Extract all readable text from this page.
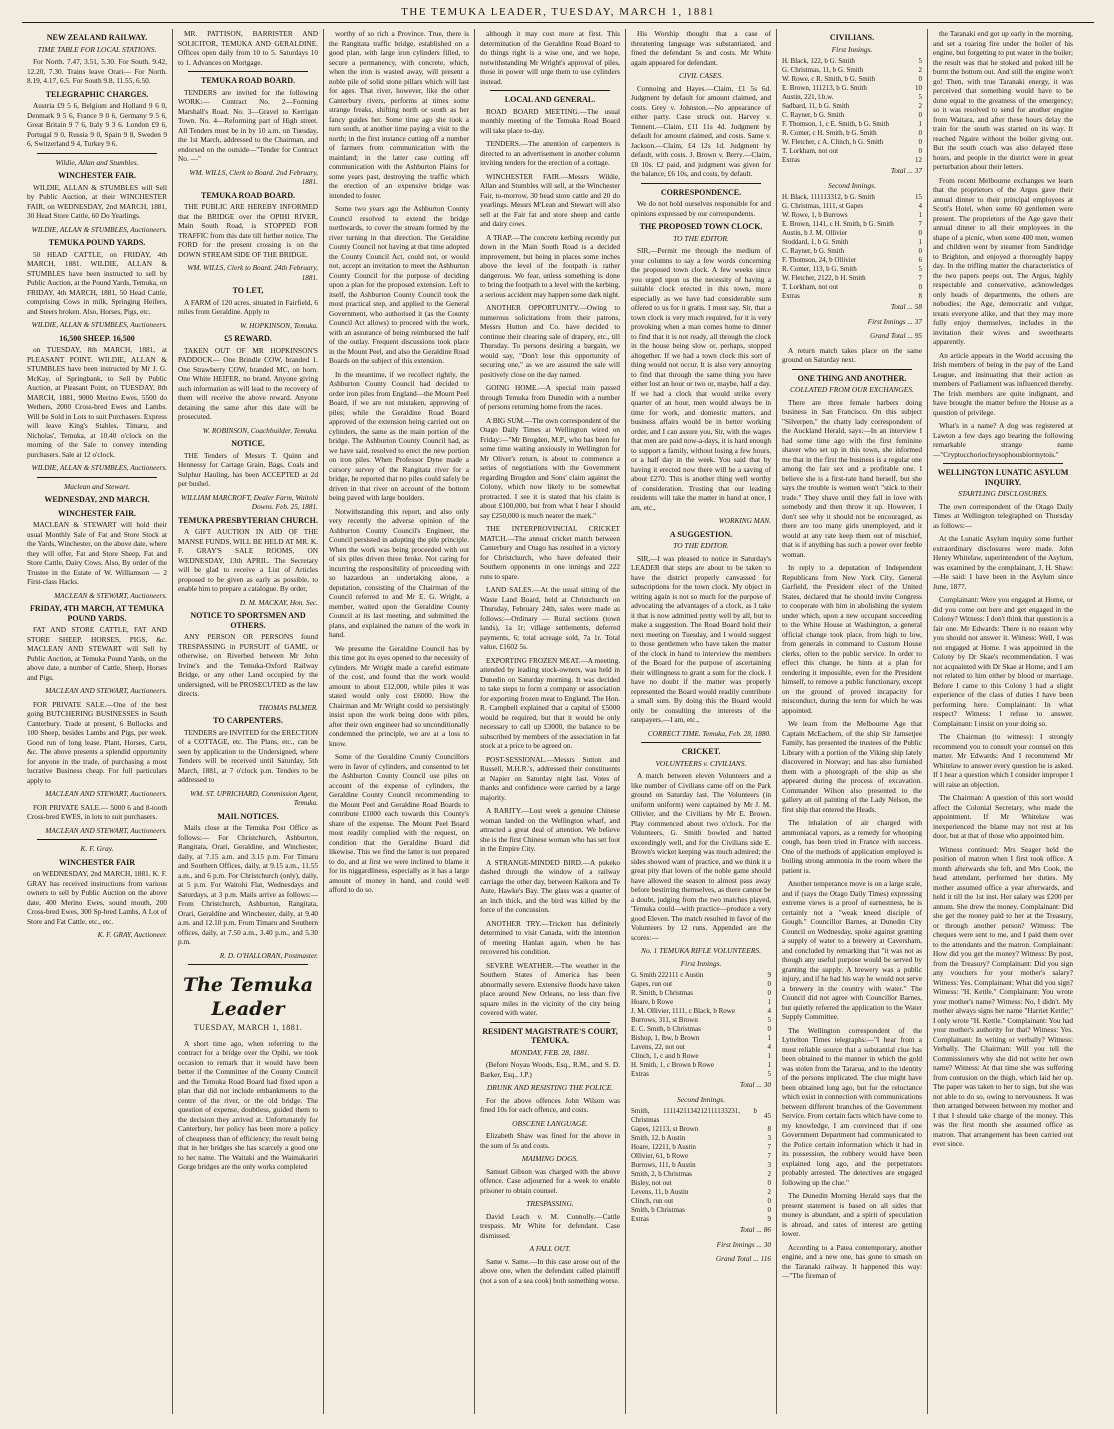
THE TEMUKA LEADER, TUESDAY, MARCH 1, 1881
NEW ZEALAND RAILWAY.
TIME TABLE FOR LOCAL STATIONS.

For North. 7.47, 3.51, 5.30. For South. 9.42, 12.20, 7.30. Trains leave Orari— For North. 8.19, 4.17, 6.5. For South 9.8, 11.55, 6.50.

TELEGRAPHIC CHARGES.

Austria £9 5 6, Belgium and Holland 9 6 0, Denmark 9 5 6, France 9 0 6, Germany 9 5 6, Great Britain 9 7 6, Italy 9 3 6. London £9 6, Portugal 9 0, Russia 9 0, Spain 9 8, Sweden 9 6, Switzerland 9 4, Turkey 9 6.

Wildie, Allan and Stumbles.
WINCHESTER FAIR.

WILDIE, ALLAN & STUMBLES will Sell by Public Auction, at their WINCHESTER FAIR, on WEDNESDAY, 2nd MARCH, 1881, 30 Head Store Cattle, 60 Do Yearlings.

WILDIE, ALLAN & STUMBLES, Auctioneers.

TEMUKA POUND YARDS.

50 HEAD CATTLE, on FRIDAY, 4th MARCH, 1881. WILDIE, ALLAN & STUMBLES have been instructed to sell by Public Auction, at the Pound Yards, Temuka, on FRIDAY, 4th MARCH, 1881, 50 Head Cattle, comprising Cows in milk, Springing Heifers, and Steers broken. Also, Horses, Pigs, etc.

WILDIE, ALLAN & STUMBLES, Auctioneers.

16,500 SHEEP. 16,500

on TUESDAY, 8th MARCH, 1881, at PLEASANT POINT. WILDIE, ALLAN & STUMBLES have been instructed by Mr J. G. McKay, of Springbank, to Sell by Public Auction, at Pleasant Point, on TUESDAY, 8th MARCH, 1881, 9000 Merino Ewes, 5500 do Wethers, 2000 Cross-bred Ewes and Lambs. Will be Sold in Lots to suit Purchasers. Express will leave King's Stables, Timaru, and Nicholas', Temuka, at 10.40 o'clock on the morning of the Sale to convey intending purchasers. Sale at 12 o'clock.

WILDIE, ALLAN & STUMBLES, Auctioneers.

Maclean and Stewart.
WEDNESDAY, 2ND MARCH.
WINCHESTER FAIR.

MACLEAN & STEWART will hold their usual Monthly Sale of Fat and Store Stock at the Yards, Winchester, on the above date, where they will offer, Fat and Store Sheep, Fat and Store Cattle, Dairy Cows. Also, By order of the Trustee in the Estate of W. Williamson — 2 First-class Hacks.

MACLEAN & STEWART, Auctioneers.

FRIDAY, 4TH MARCH, AT TEMUKA POUND YARDS.

FAT AND STORE CATTLE, FAT AND STORE SHEEP, HORSES, PIGS, &c. MACLEAN AND STEWART will Sell by Public Auction, at Temuka Pound Yards, on the above date, a number of Cattle, Sheep, Horses and Pigs.

MACLEAN AND STEWART, Auctioneers.

FOR PRIVATE SALE.—One of the best going BUTCHERING BUSINESSES in South Canterbury. Trade at present, 6 Bullocks and 100 Sheep, besides Lambs and Pigs, per week. Good run of long lease. Plant, Horses, Carts, &c. The above presents a splendid opportunity for anyone in the trade, of purchasing a most lucrative Business cheap. For full particulars apply to

MACLEAN AND STEWART, Auctioneers.

FOR PRIVATE SALE.— 5000 6 and 8-tooth Cross-bred EWES, in lots to suit purchasers.

MACLEAN AND STEWART, Auctioneers.

K. F. Gray.
WINCHESTER FAIR

on WEDNESDAY, 2nd MARCH, 1881. K. F. GRAY has received instructions from various owners to sell by Public Auction on the above date, 400 Merino Ewes, sound mouth, 200 Cross-bred Ewes, 300 Sp-bred Lambs, A Lot of Store and Fat Cattle, etc., etc.

K. F. GRAY, Auctioneer.

MR. PATTISON, BARRISTER AND SOLICITOR, TEMUKA AND GERALDINE. Offices open daily from 10 to 5. Saturdays 10 to 1. Advances on Mortgage.

TEMUKA ROAD BOARD.

TENDERS are invited for the following WORK:— Contract No. 2—Forming Marshall's Road. No. 3—Gravel to Kerrigan Town. No. 4—Reforming part of High street. All Tenders must be in by 10 a.m. on Tuesday, the 1st March, addressed to the Chairman, and endorsed on the outside—"Tender for Contract No. —"

WM. WILLS, Clerk to Board. 2nd February, 1881.

TEMUKA ROAD BOARD.

THE PUBLIC ARE HEREBY INFORMED that the BRIDGE over the OPIHI RIVER, Main South Road, is STOPPED FOR TRAFFIC from this date till further notice. The FORD for the present crossing is on the DOWN STREAM SIDE OF THE BRIDGE.

WM. WILLS, Clerk to Board. 24th February, 1881.

TO LET,

A FARM of 120 acres, situated in Fairfield, 6 miles from Geraldine. Apply to

W. HOPKINSON, Temuka.

£5 REWARD.

TAKEN OUT OF MR HOPKINSON'S PADDOCK— One Brindle COW, branded 1. One Strawberry COW, branded MC, on horn. One White HEIFER, no brand. Anyone giving such information as will lead to the recovery of them will receive the above reward. Anyone detaining the same after this date will be prosecuted.

W. ROBINSON, Coachbuilder, Temuka.

NOTICE.

THE Tenders of Messrs T. Quinn and Hennessy for Cartage Grain, Bags, Coals and Sulphur Hauling, has been ACCEPTED at 2d per bushel.

WILLIAM MARCROFT, Dealer Farm, Waitohi Downs. Feb. 25, 1881.

TEMUKA PRESBYTERIAN CHURCH.

A GIFT AUCTION IN AID OF THE MANSE FUNDS, WILL BE HELD AT MR. K. F. GRAY'S SALE ROOMS, ON WEDNESDAY, 13th APRIL. The Secretary will be glad to receive a List of Articles proposed to be given as early as possible, to enable him to prepare a catalogue. By order,

D. M. MACKAY, Hon. Sec.

NOTICE TO SPORTSMEN AND OTHERS.

ANY PERSON OR PERSONS found TRESPASSING in PURSUIT of GAME, or otherwise, on Riverbed between Mr John Irvine's and the Temuka-Oxford Railway Bridge, or any other Land occupied by the undersigned, will be PROSECUTED as the law directs.

THOMAS PALMER.

TO CARPENTERS.

TENDERS are INVITED for the ERECTION of a COTTAGE, etc. The Plans, etc., can be seen by application to the Undersigned, where Tenders will be received until Saturday, 5th March, 1881, at 7 o'clock p.m. Tenders to be addressed to

WM. ST. UPRICHARD, Commission Agent, Temuka.

MAIL NOTICES.

Mails close at the Temuka Post Office as follows:— For Christchurch, Ashburton, Rangitata, Orari, Geraldine, and Winchester, daily, at 7.15 a.m. and 3.15 p.m. For Timaru and Southern Offices, daily, at 9.15 a.m., 11.55 a.m., and 6 p.m. For Christchurch (only), daily, at 5 p.m. For Waitohi Flat, Wednesdays and Saturdays, at 3 p.m. Mails arrive as follows:— From Christchurch, Ashburton, Rangitata, Orari, Geraldine and Winchester, daily, at 9.40 a.m. and 12.10 p.m. From Timaru and Southern offices, daily, at 7.50 a.m., 3.40 p.m., and 5.30 p.m.

R. D. O'HALLORAN, Postmaster.

The Temuka Leader
TUESDAY, MARCH 1, 1881.

A short time ago, when referring to the contract for a bridge over the Opihi, we took occasion to remark that it would have been better if the Committee of the County Council and the Temuka Road Board had fixed upon a plan that did not include embankments to the centre of the river, or the old bridge. The question of expense, doubtless, guided them to the decision they arrived at. Unfortunately for Canterbury, her policy has been more a policy of cheapness than of efficiency; the result being that in her bridges she has scarcely a good one to her name. The Waitaki and the Waimakariri Gorge bridges are the only works completed

worthy of so rich a Province. True, there is the Rangitata traffic bridge, established on a good plan, with large iron cylinders filled, to secure a permanency, with concrete, which, when the iron is wasted away, will present a noble pile of solid stone pillars which will last for ages. That river, however, like the other Canterbury rivers, performs at times some strange freaks, shifting north or south as her fancy guides her. Some time ago she took a turn south, at another time paying a visit to the north; in the first instance cutting off a number of farmers from communication with the mainland; in the latter case cutting off communication with the Ashburton Plains for some years past, destroying the traffic which the erection of an expensive bridge was intended to foster.

Some two years ago the Ashburton County Council resolved to extend the bridge northwards, to cover the stream formed by the river turning in that direction. The Geraldine County Council not having at that time adopted the County Council Act, could not, or would not, accept an invitation to meet the Ashburton County Council for the purpose of deciding upon a plan for the proposed extension. Left to itself, the Ashburton County Council took the most practical step, and applied to the General Government, who authorised it (as the County Council Act allows) to proceed with the work, with an assurance of being reimbursed the half of the outlay. Frequent discussions took place in the Mount Peel, and also the Geraldine Road Boards on the subject of this extension.

In the meantime, if we recollect rightly, the Ashburton County Council had decided to order iron piles from England—the Mount Peel Board, if we are not mistaken, approving of piles; while the Geraldine Road Board approved of the extension being carried out on cylinders, the same as the main portion of the bridge. The Ashburton County Council had, as we have said, resolved to erect the new portion on iron piles. When Professor Dyne made a cursory survey of the Rangitata river for a bridge, he reported that no piles could safely be driven in that river on account of the bottom being paved with large boulders.

Notwithstanding this report, and also only very recently the adverse opinion of the Ashburton County Council's Engineer, the Council persisted in adopting the pile principle. When the work was being proceeded with out of six piles driven three broke. Not caring for incurring the responsibility of proceeding with so hazardous an undertaking alone, a deputation, consisting of the Chairman of the Council referred to and Mr E. G. Wright, a member, waited upon the Geraldine County Council at its last meeting, and submitted the plans, and explained the nature of the work in hand.

We presume the Geraldine Council has by this time got its eyes opened to the necessity of cylinders. Mr Wright made a careful estimate of the cost, and found that the work would amount to about £12,000, while piles it was stated would only cost £6000. How the Chairman and Mr Wright could so persistingly insist upon the work being done with piles, after their own engineer had so unconditionally condemned the principle, we are at a loss to know.

Some of the Geraldine County Councillors were in favor of cylinders, and consented to let the Ashburton County Council use piles on account of the expense of cylinders, the Geraldine County Council recommending to the Mount Peel and Geraldine Road Boards to contribute £1000 each towards this County's share of the expense. The Mount Peel Board most readily complied with the request, on condition that the Geraldine Board did likewise. This we find the latter is not prepared to do, and at first we were inclined to blame it for its niggardliness, especially as it has a large amount of money in hand, and could well afford to do so.

although it may cost more at first. This determination of the Geraldine Road Board to do things right is a wise one, and we hope, notwithstanding Mr Wright's approval of piles, those in power will urge them to use cylinders instead.

LOCAL AND GENERAL.

ROAD BOARD MEETING.—The usual monthly meeting of the Temuka Road Board will take place to-day.

TENDERS.—The attention of carpenters is directed to an advertisement in another column inviting tenders for the erection of a cottage.

WINCHESTER FAIR.—Messrs Wildie, Allan and Stumbles will sell, at the Winchester Fair, to-morrow, 30 head store cattle and 20 do yearlings. Messrs M'Lean and Stewart will also sell at the Fair fat and store sheep and cattle and dairy cows.

A TRAP.—The concrete kerbing recently put down in the Main South Road is a decided improvement, but being in places some inches above the level of the footpath is rather dangerous. We fear, unless something is done to bring the footpath to a level with the kerbing, a serious accident may happen some dark night.

ANOTHER OPPORTUNITY.—Owing to numerous solicitations from their patrons, Messrs Hutton and Co. have decided to continue their clearing sale of drapery, etc., till Thursday. To persons desiring a bargain, we would say, "Don't lose this opportunity of securing one," as we are assured the sale will positively close on the day named.

GOING HOME.—A special train passed through Temuka from Dunedin with a number of persons returning home from the races.

A BIG SUM.—The own correspondent of the Otago Daily Times at Wellington wired on Friday:—"Mr Brogden, M.P., who has been for some time waiting anxiously in Wellington for Mr Oliver's return, is about to commence a series of negotiations with the Government regarding Brogden and Sons' claim against the Colony, which now likely to be somewhat protracted. I see it is stated that his claim is about £100,000, but from what I hear I should say £250,000 is much nearer the mark."

THE INTERPROVINCIAL CRICKET MATCH.—The annual cricket match between Canterbury and Otago has resulted in a victory for Christchurch, who have defeated their Southern opponents in one innings and 222 runs to spare.

LAND SALES.—At the usual sitting of the Waste Land Board, held at Christchurch on Thursday, February 24th, sales were made as follows:—Ordinary — Rural sections (town lands), 1a 1r; village settlements, deferred payments, 6; total acreage sold, 7a 1r. Total value, £1602 5s.

EXPORTING FROZEN MEAT.—A meeting, attended by leading stock-owners, was held in Dunedin on Saturday morning. It was decided to take steps to form a company or association for exporting frozen meat to England. The Hon. R. Campbell explained that a capital of £5000 would be required, but that it would be only necessary to call up £3000, the balance to be subscribed by members of the association in fat stock at a price to be agreed on.

POST-SESSIONAL.—Messrs Sutton and Russell, M.H.R.'s, addressed their constituents at Napier on Saturday night last. Votes of thanks and confidence were carried by a large majority.

A RARITY.—Lost week a genuine Chinese woman landed on the Wellington wharf, and attracted a great deal of attention. We believe she is the first Chinese woman who has set foot in the Empire City.

A STRANGE-MINDED BIRD.—A pukeko dashed through the window of a railway carriage the other day, between Kaikora and Te Aute, Hawke's Bay. The glass was a quarter of an inch thick, and the bird was killed by the force of the concussion.

ANOTHER TRY.—Trickett has definitely determined to visit Canada, with the intention of meeting Hanlan again, when he has recovered his condition.

SEVERE WEATHER.—The weather in the Southern States of America has been abnormally severe. Extensive floods have taken place around New Orleans, no less than five square miles in the vicinity of the city being covered with water.

RESIDENT MAGISTRATE'S COURT, TEMUKA.
MONDAY, FEB. 28, 1881.

(Before Noyau Woods, Esq., R.M., and S. D. Barker, Esq., J.P.)

DRUNK AND RESISTING THE POLICE.

For the above offences John Wilson was fined 10s for each offence, and costs.

OBSCENE LANGUAGE.

Elizabeth Shaw was fined for the above in the sum of 5s and costs.

MAIMING DOGS.

Samuel Gibson was charged with the above offence. Case adjourned for a week to enable prisoner to obtain counsel.

TRESPASSING.

David Leach v. M. Connolly.—Cattle trespass. Mr White for defendant. Case dismissed.

A FALL OUT.

Same v. Same.—In this case arose out of the above one, when the defendant called plaintiff (not a son of a sea cook) both something worse.

His Worship thought that a case of threatening language was substantiated, and fined the defendant 5s and costs. Mr White again appeared for defendant.

CIVIL CASES.

Connoing and Hayes.—Claim, £1 5s 6d. Judgment by default for amount claimed, and costs. Grey v. Johnston.—No appearance of either party. Case struck out. Harvey v. Tennent.—Claim, £11 11s 4d. Judgment by default for amount claimed, and costs. Same v. Jackson.—Claim, £4 12s 1d. Judgment by default, with costs. J. Brown v. Berry.—Claim, £8 10s. £2 paid, and judgment was given for the balance, £6 10s, and costs, by default.

CORRESPONDENCE.

We do not hold ourselves responsible for and opinions expressed by our correspondents.

THE PROPOSED TOWN CLOCK.
TO THE EDITOR.

SIR,—Permit me through the medium of your columns to say a few words concerning the proposed town clock. A few weeks since you urged upon us the necessity of having a suitable clock erected in this town, more especially as we have had considerable sum offered to us for it gratis. I must say, Sir, that a town clock is very much required, for it is very provoking when a man comes home to dinner to find that it is not ready, all through the clock in the house being slow or, perhaps, stopped altogether. If we had a town clock this sort of thing would not occur. It is also very annoying to find that through the same thing you have either lost an hour or two or, maybe, half a day. If we had a clock that would strike every quarter of an hour, men would always be in time for work, and domestic matters, and business affairs would be in better working order, and I can assure you, Sir, with the wages that men are paid now-a-days, it is hard enough to support a family, without losing a few hours, or a half day in the week. You said that by having it erected now there will be a saving of about £270. This is another thing well worthy of consideration. Trusting that our leading residents will take the matter in hand at once, I am, etc.,

WORKING MAN.

A SUGGESTION.
TO THE EDITOR.

SIR,—I was pleased to notice in Saturday's LEADER that steps are about to be taken to have the district properly canvassed for subscriptions for the town clock. My object in writing again is not so much for the purpose of advocating the advantages of a clock, as I take it that is now admitted pretty well by all, but to make a suggestion. The Road Board hold their next meeting on Tuesday, and I would suggest to those gentlemen who have taken the matter of the clock in hand to interview the members of the Board for the purpose of ascertaining their willingness to grant a sum for the clock. I have no doubt if the matter was properly represented the Board would readily contribute a small sum. By doing this the Board would only be consulting the interests of the ratepayers.—I am, etc.,

CORRECT TIME. Temuka, Feb. 28, 1880.

CRICKET.
VOLUNTEERS v. CIVILIANS.

A match between eleven Volunteers and a like number of Civilians came off on the Park ground on Saturday last. The Volunteers (in uniform uniform) were captained by Mr J. M. Ollivier, and the Civilians by Mr E. Brown. Play commenced about two o'clock. For the Volunteers, G. Smith bowled and batted exceedingly well, and for the Civilians side E. Brown's wicket keeping was much admired; the sides showed want of practice, and we think it a great pity that lovers of the noble game should have allowed the season to almost pass away before bestirring themselves, as there cannot be a doubt, judging from the two matches played, 'Temuka could—with practice—produce a very good Eleven. The match resulted in favor of the Volunteers by 12 runs. Appended are the scores:—

No. 1 TEMUKA RIFLE VOLUNTEERS.
First Innings.
G. Smith 222111 c Austin	9
Gapes, run out	0
R. Smith, b Christmas	0
Hoare, b Rowe	1
J. M. Ollivier, 1111, c Black, b Rowe	4
Burrows, 311, st Brown	5
E. C. Smith, b Christmas	0
Bishop, 1, lbw, b Brown	1
Lavens, 22, not out	4
Clinch, 1, c and b Rowe	1
H. Smith, 1, c Brown b Rowe	1
Extras	5
Total ... 30
Second Innings.
Smith, 1111421134212111133231, b Christmas	45
Gapes, 12113, st Brown	8
Smith, 12, b Austin	3
Hoare, 12211, b Austin	7
Ollivier, 61, b Rowe	7
Burrows, 111, b Austin	3
Smith, 2, b Christmas	2
Bisley, not out	0
Levens, 11, b Austin	2
Clinch, run out	0
Smith, b Christmas	0
Extras	9
Total ... 86
First Innings ... 30
Grand Total ... 116
CIVILIANS.
First Innings.
H. Black, 122, b G. Smith	5
G. Christmas, 11, b G. Smith	2
W. Rowe, c R. Smith, b G. Smith	0
E. Brown, 111213, b G. Smith	10
Austin, 221, l.b.w.	5
Sadbard, 11, b G. Smith	2
C. Rayner, b G. Smith	0
F. Thomson, 1, c E. Smith, b G. Smith	1
R. Comer, c H. Smith, b G. Smith	0
W. Fletcher, c A. Clinch, b G. Smith	0
T. Lorkham, not out	0
Extras	12
Total ... 37
Second Innings.
H. Black, 111113312, b G. Smith	15
G. Christmas, 1111, st Gapes	4
W. Rowe, 1, b Burrows	1
E. Brown, 1141, c H. Smith, b G. Smith	7
Austin, b J. M. Ollivier	0
Stoddard, 1, b G. Smith	1
C. Rayner, b G. Smith	0
F. Thomson, 24, b Ollivier	6
R. Comer, 113, b G. Smith	5
W. Fletcher, 2122, b H. Smith	7
T. Lorkham, not out	0
Extras	8
Total ... 58
First Innings ... 37
Grand Total ... 95

A return match takes place on the same ground on Saturday next.

ONE THING AND ANOTHER.
COLLATED FROM OUR EXCHANGES.

There are three female barbers doing business in San Francisco. On this subject "Silverpen," the chatty lady correspondent of the Auckland Herald, says:—In an interview I had some time ago with the first feminine shaver who set up in this town, she informed me that in the first the business is a regular one among the fair sex and a profitable one. I believe she is a first-rate hand herself, but she says the trouble is women won't "stick to their trade." They shave until they fall in love with somebody and then throw it up. However, I don't see why it should not be encouraged, as there are too many girls unemployed, and it would at any rate keep them out of mischief, that is if anything has such a power over feeble woman.

In reply to a deputation of Independent Republicans from New York City, General Garfield, the President elect of the United States, declared that he should invite Congress to cooperate with him in abolishing the system under which, upon a new occupant succeeding to the White House at Washington, a general official change took place, from high to low, from generals in command to Custom House clerks, often to the public service. In order to effect this change, he hints at a plan for rendering it impossible, even for the President himself, to remove a public functionary, except on the ground of proved incapacity for misconduct, during the term for which he was appointed.

We learn from the Melbourne Age that Captain McEachern, of the ship Sir Jamsetjee Family, has presented the trustees of the Public Library with a portion of the Viking ship lately discovered in Norway; and has also furnished them with a photograph of the ship as she appeared during the process of excavation. Commander Wilson also presented to the gallery an oil painting of the Lady Nelson, the first ship that entered the Heads.

The inhalation of air charged with ammoniacal vapors, as a remedy for whooping cough, has been tried in France with success. One of the methods of application employed is boiling strong ammonia in the room where the patient is.

Another temperance move is on a large scale, and if (says the Otago Daily Times) expressing extreme views is a proof of earnestness, he is certainly not a "weak kneed disciple of Gough." Councillor Barnes, at Dunedin City Council on Wednesday, spoke against granting a supply of water to a brewery at Caversham, and concluded by remarking that "it was not as though any useful purpose would be served by granting the supply. A brewery was a public injury, and if he had his way he would not serve a brewery in the country with water." The Council did not agree with Councillor Barnes, but quietly referred the application to the Water Supply Committee.

The Wellington correspondent of the Lyttelton Times telegraphs:—"I hear from a most reliable source that a substantial clue has been obtained to the manner in which the gold was stolen from the Tararua, and to the identity of the persons implicated. The clue might have been obtained long ago, but for the reluctance which exist in connection with communications between different branches of the Government Service. From certain facts which have come to my knowledge, I am convinced that if one Government Department had communicated to the Police certain information which it had in its possession, the robbery would have been explained long ago, and the perpetrators probably arrested. The detectives are engaged following up the clue."

The Dunedin Morning Herald says that the present statement is based on all sides that money is abundant, and a spirit of speculation is abroad, and rates of interest are getting lower.

According to a Patea contemporary, another engine, and a new one, has gone to smash on the Taranaki railway. It happened this way:—"The fireman of

the Taranaki end got up early in the morning, and set a roaring fire under the boiler of his engine, but forgetting to put water in the boiler; the result was that he stoked and poked till he burnt the bottom out. And still the engine won't go! Then, with true Taranaki energy, it was perceived that something would have to be done equal to the greatness of the emergency; so it was resolved to send for another engine from Waitara, and after these hours delay the train for the south was started on its way. It reached Ngaire without the boiler giving out. But the south coach was also delayed three hours, and people in the district were in great perturbation about their letters.

From recent Melbourne exchanges we learn that the proprietors of the Argus gave their annual dinner to their principal employees at Scott's Hotel, when some 60 gentlemen were present. The proprietors of the Age gave their annual dinner to all their employees in the shape of a picnic, when some 400 men, women and children went by steamer from Sandridge to Brighton, and enjoyed a thoroughly happy day. In the trifling matter the characteristics of the two papers peeps out. The Argus, highly respectable and conservative, acknowledges only heads of departments, the others are nobodies; the Age, democratic and vulgar, treats everyone alike, and that they may more fully enjoy themselves, includes in the invitation their wives and sweethearts apparently.

An article appears in the World accusing the Irish members of being in the pay of the Land League, and insinuating that their action as members of Parliament was influenced thereby. The Irish members are quite indignant, and have brought the matter before the House as a question of privilege.

What's in a name? A dog was registered at Lawton a few days ago bearing the following remarkable strange name—"Cryptocchoriochrysophousbiormytois."

WELLINGTON LUNATIC ASYLUM INQUIRY.
STARTLING DISCLOSURES.

The own correspondent of the Otago Daily Times at Wellington telegraphed on Thursday as follows:—

At the Lunatic Asylum inquiry some further extraordinary disclosures were made. John Henry Whitelaw, superintendent of the Asylum, was examined by the complainant, J. H. Shaw:—He said: I have been in the Asylum since June, 1877.

Complainant: Were you engaged at Home, or did you come out here and get engaged in the Colony? Witness: I don't think that question is a fair one. Mr Edwards: There is no reason why you should not answer it. Witness: Well, I was not engaged at Home. I was appointed in the Colony by Dr Skae's recommendation. I was not acquainted with Dr Skae at Home, and I am not related to him either by blood or marriage. Before I came to this Colony I had a slight experience of the class of duties I have been performing here. Complainant: In what respect? Witness: I refuse to answer. Complainant: I insist on your doing so.

The Chairman (to witness): I strongly recommend you to consult your counsel on this matter. Mr Edwards: And I recommend Mr Whitelaw to answer every question he is asked. If I hear a question which I consider improper I will raise an objection.

The Chairman: A question of this sort would affect the Colonial Secretary, who made the appointment. If Mr Whitelaw was inexperienced the blame may not rest at his door, but at that of those who appointed him.

Witness continued: Mrs Seager held the position of matron when I first took office. A month afterwards she left, and Mrs Cook, the head attendant, performed her duties. My mother assumed office a year afterwards, and held it till the 1st inst. Her salary was £200 per annum. She drew the money. Complainant: Did she get the money paid to her at the Treasury, or through another person? Witness: The cheques were sent to me, and I paid them over to the attendants and the matron. Complainant: How did you get the money? Witness: By post, from the Treasury? Complainant: Did you sign any vouchers for your mother's salary? Witness: Yes. Complainant: What did you sign? Witness: "H. Kettle." Complainant: You wrote your mother's name? Witness: No, I didn't. My mother always signs her name "Harriet Kettle;" I only wrote "H. Kettle." Complainant: You had your mother's authority for that? Witness: Yes. Complainant: In writing or verbally? Witness: Verbally. The Chairman: Will you tell the Commissioners why she did not write her own name? Witness: At that time she was suffering from contusion on the thigh, which laid her up. The paper was taken to her to sign, but she was not able to do so, owing to nervousness. It was then arranged between between my mother and I that I should take charge of the money. This was the first month she assumed office as matron. That arrangement has been carried out ever since.
